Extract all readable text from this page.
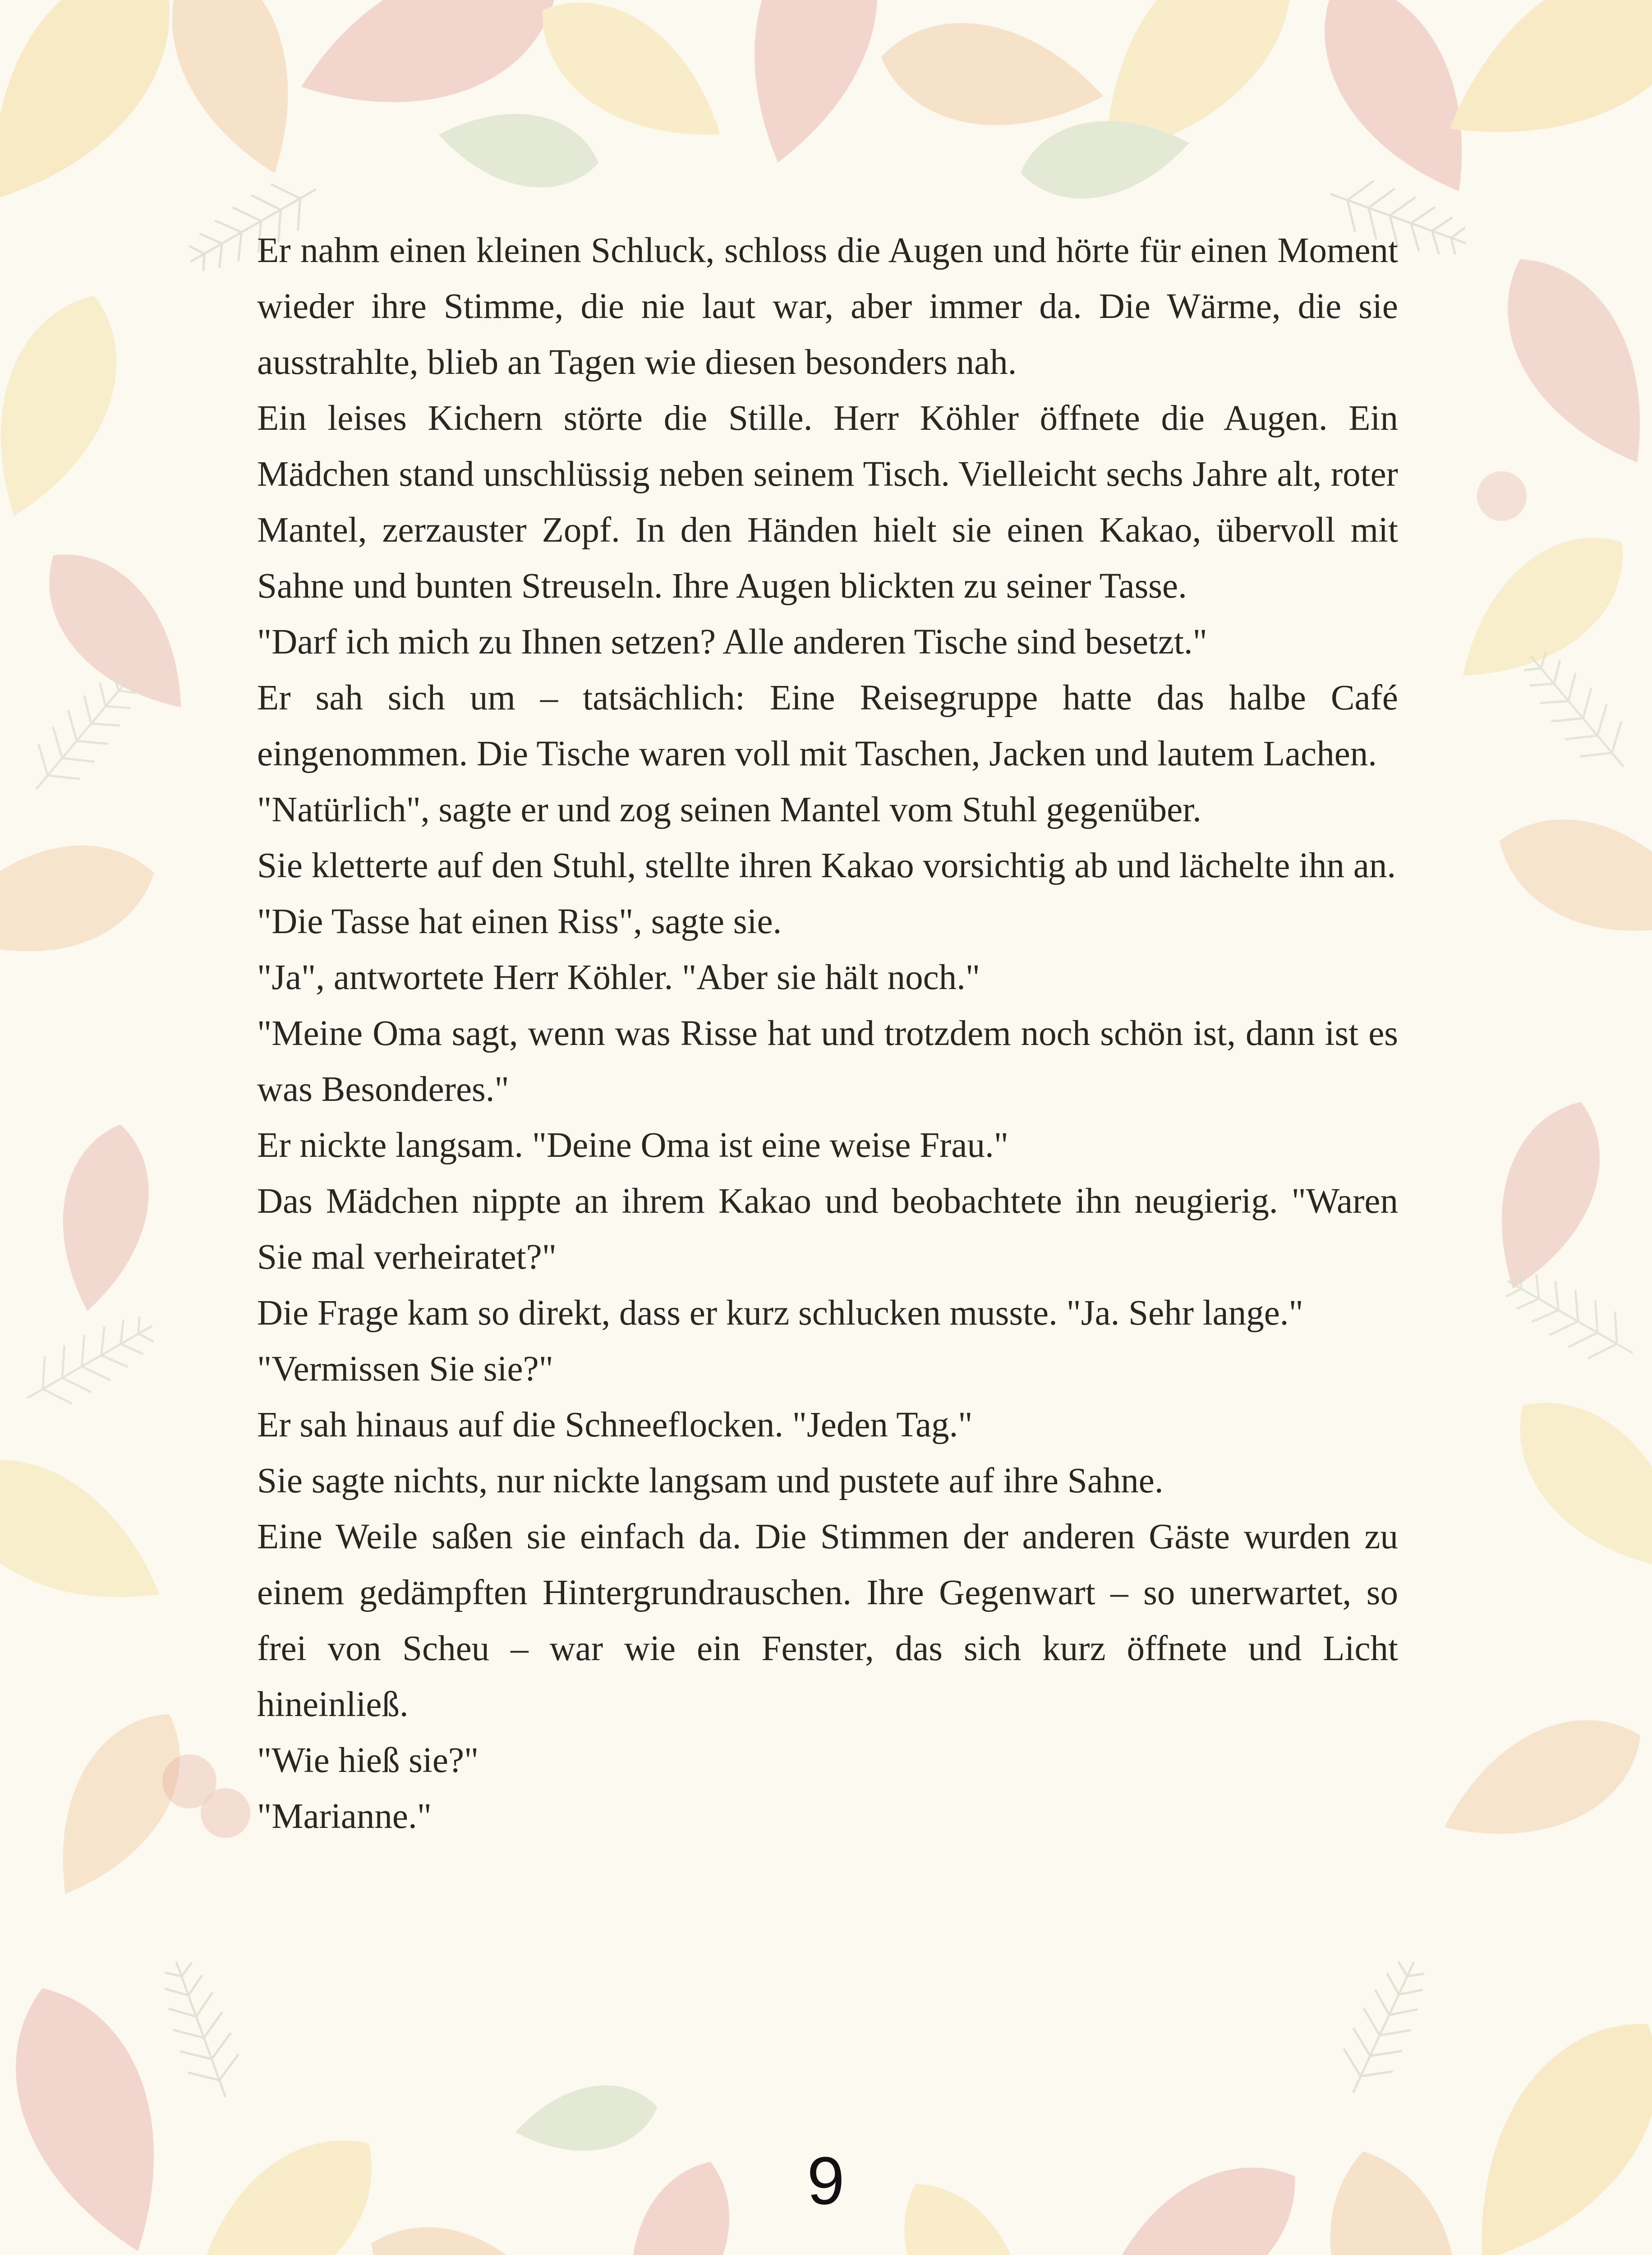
Er nahm einen kleinen Schluck, schloss die Augen und hörte für einen Moment wieder ihre Stimme, die nie laut war, aber immer da. Die Wärme, die sie ausstrahlte, blieb an Tagen wie diesen besonders nah.

Ein leises Kichern störte die Stille. Herr Köhler öffnete die Augen. Ein Mädchen stand unschlüssig neben seinem Tisch. Vielleicht sechs Jahre alt, roter Mantel, zerzauster Zopf. In den Händen hielt sie einen Kakao, übervoll mit Sahne und bunten Streuseln. Ihre Augen blickten zu seiner Tasse.

"Darf ich mich zu Ihnen setzen? Alle anderen Tische sind besetzt."

Er sah sich um – tatsächlich: Eine Reisegruppe hatte das halbe Café eingenommen. Die Tische waren voll mit Taschen, Jacken und lautem Lachen.

"Natürlich", sagte er und zog seinen Mantel vom Stuhl gegenüber.

Sie kletterte auf den Stuhl, stellte ihren Kakao vorsichtig ab und lächelte ihn an.

"Die Tasse hat einen Riss", sagte sie.

"Ja", antwortete Herr Köhler. "Aber sie hält noch."

"Meine Oma sagt, wenn was Risse hat und trotzdem noch schön ist, dann ist es was Besonderes."

Er nickte langsam. "Deine Oma ist eine weise Frau."

Das Mädchen nippte an ihrem Kakao und beobachtete ihn neugierig. "Waren Sie mal verheiratet?"

Die Frage kam so direkt, dass er kurz schlucken musste. "Ja. Sehr lange."

"Vermissen Sie sie?"

Er sah hinaus auf die Schneeflocken. "Jeden Tag."

Sie sagte nichts, nur nickte langsam und pustete auf ihre Sahne.

Eine Weile saßen sie einfach da. Die Stimmen der anderen Gäste wurden zu einem gedämpften Hintergrundrauschen. Ihre Gegenwart – so unerwartet, so frei von Scheu – war wie ein Fenster, das sich kurz öffnete und Licht hineinließ.

"Wie hieß sie?"

"Marianne."

9
